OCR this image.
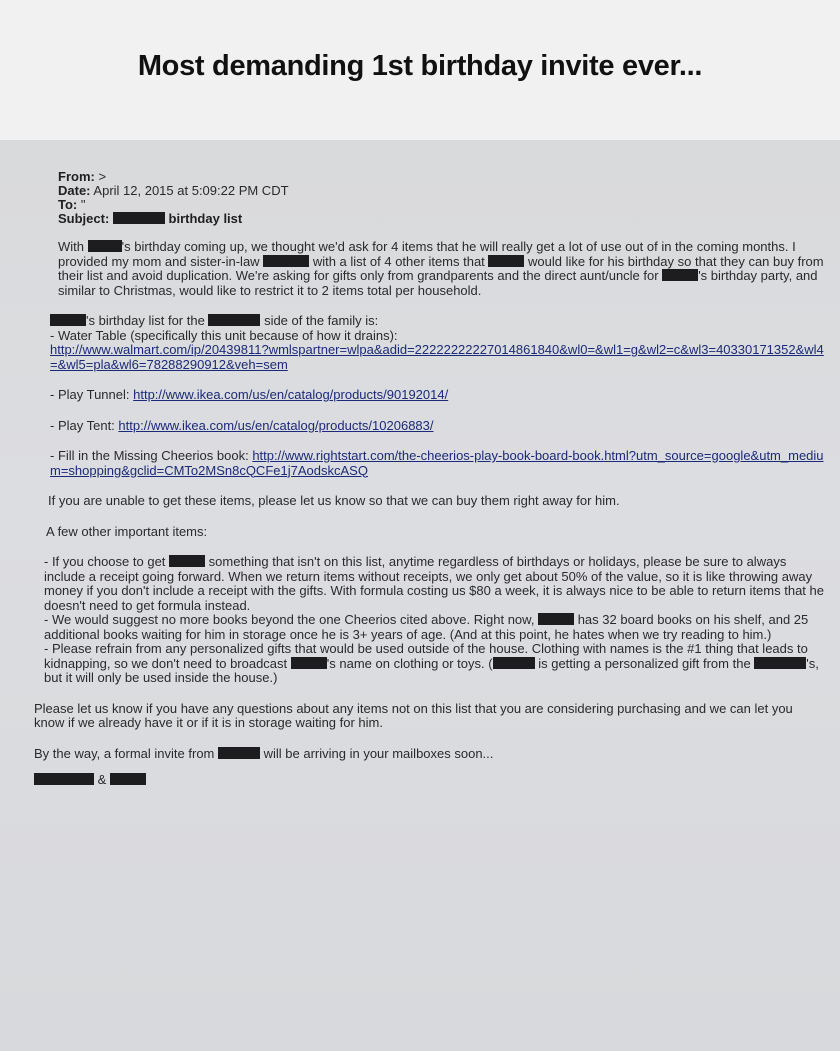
Most demanding 1st birthday invite ever...
From: >
Date: April 12, 2015 at 5:09:22 PM CDT
To: "
Subject:	birthday list

With	's birthday coming up, we thought we'd ask for 4 items that he will really get a lot of use out of in the coming months. I provided my mom and sister-in-law	with a list of 4 other items that	would like for his birthday so that they can buy from their list and avoid duplication. We're asking for gifts only from grandparents and the direct aunt/uncle for	's birthday party, and similar to Christmas, would like to restrict it to 2 items total per household.

's birthday list for the	side of the family is:
- Water Table (specifically this unit because of how it drains):
http://www.walmart.com/ip/20439811?wmlspartner=wlpa&adid=22222222227014861840&wl0=&wl1=g&wl2=c&wl3=40330171352&wl4=&wl5=pla&wl6=78288290912&veh=sem
- Play Tunnel: http://www.ikea.com/us/en/catalog/products/90192014/
- Play Tent: http://www.ikea.com/us/en/catalog/products/10206883/
- Fill in the Missing Cheerios book: http://www.rightstart.com/the-cheerios-play-book-board-book.html?utm_source=google&utm_medium=shopping&gclid=CMTo2MSn8cQCFe1j7AodskcASQ

If you are unable to get these items, please let us know so that we can buy them right away for him.

A few other important items:

- If you choose to get	something that isn't on this list, anytime regardless of birthdays or holidays, please be sure to always include a receipt going forward. When we return items without receipts, we only get about 50% of the value, so it is like throwing away money if you don't include a receipt with the gifts. With formula costing us $80 a week, it is always nice to be able to return items that he doesn't need to get formula instead.

- We would suggest no more books beyond the one Cheerios cited above. Right now,	has 32 board books on his shelf, and 25 additional books waiting for him in storage once he is 3+ years of age. (And at this point, he hates when we try reading to him.)

- Please refrain from any personalized gifts that would be used outside of the house. Clothing with names is the #1 thing that leads to kidnapping, so we don't need to broadcast	's name on clothing or toys. (	is getting a personalized gift from the	's, but it will only be used inside the house.)

Please let us know if you have any questions about any items not on this list that you are considering purchasing and we can let you know if we already have it or if it is in storage waiting for him.

By the way, a formal invite from	will be arriving in your mailboxes soon...

&
